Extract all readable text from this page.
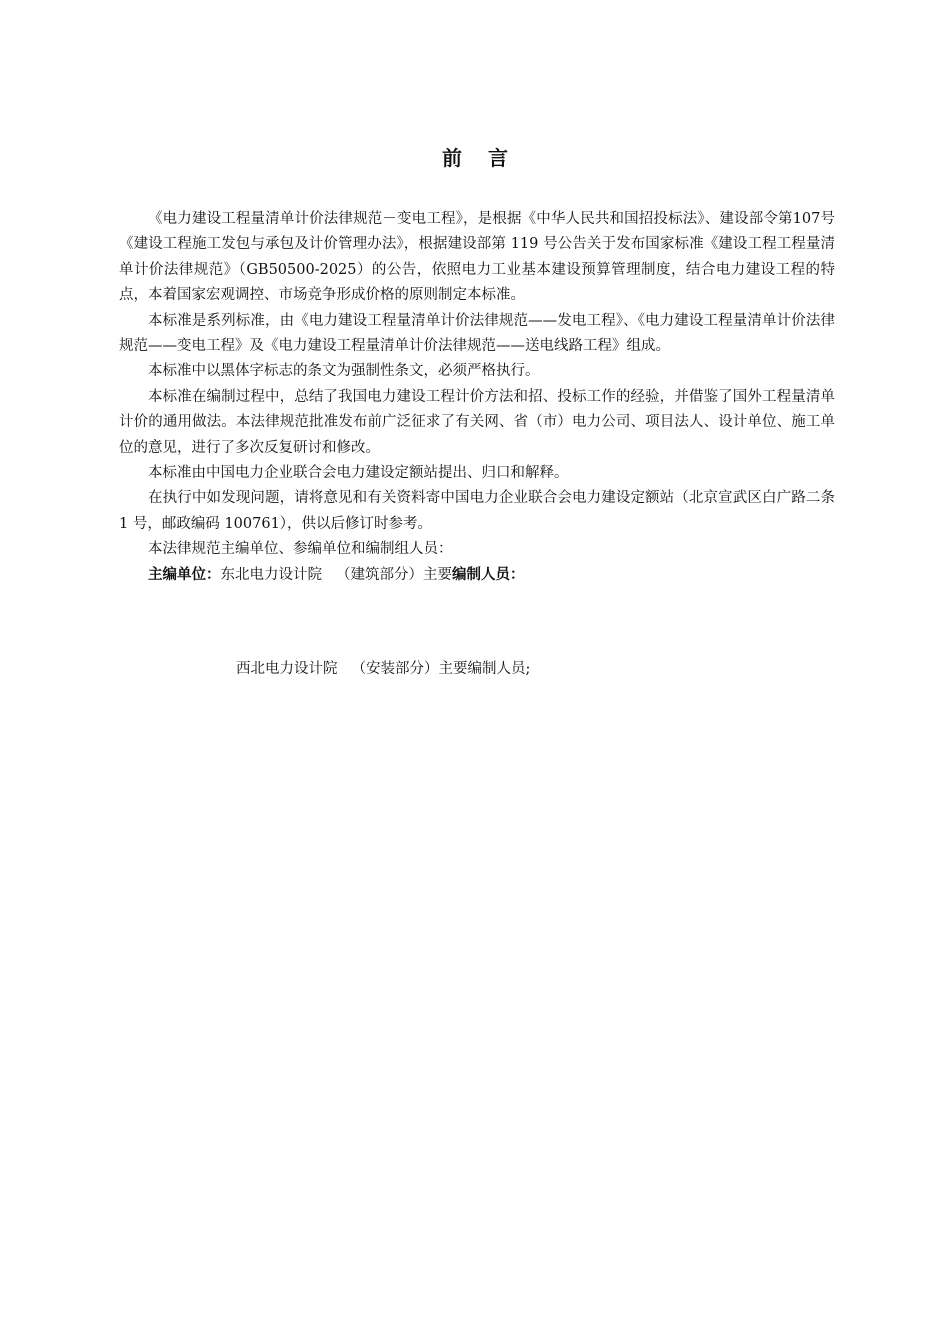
前言

《电力建设工程量清单计价法律规范－变电工程》，是根据《中华人民共和国招投标法》、建设部令第107号《建设工程施工发包与承包及计价管理办法》，根据建设部第 119 号公告关于发布国家标准《建设工程工程量清单计价法律规范》（GB50500-2025）的公告，依照电力工业基本建设预算管理制度，结合电力建设工程的特点，本着国家宏观调控、市场竞争形成价格的原则制定本标准。

本标准是系列标准，由《电力建设工程量清单计价法律规范——发电工程》、《电力建设工程量清单计价法律规范——变电工程》及《电力建设工程量清单计价法律规范——送电线路工程》组成。

本标准中以黑体字标志的条文为强制性条文，必须严格执行。

本标准在编制过程中，总结了我国电力建设工程计价方法和招、投标工作的经验，并借鉴了国外工程量清单计价的通用做法。本法律规范批准发布前广泛征求了有关网、省（市）电力公司、项目法人、设计单位、施工单位的意见，进行了多次反复研讨和修改。

本标准由中国电力企业联合会电力建设定额站提出、归口和解释。

在执行中如发现问题，请将意见和有关资料寄中国电力企业联合会电力建设定额站（北京宣武区白广路二条 1 号，邮政编码 100761），供以后修订时参考。

本法律规范主编单位、参编单位和编制组人员：

主编单位：东北电力设计院 （建筑部分）主要编制人员：

西北电力设计院 （安装部分）主要编制人员;
